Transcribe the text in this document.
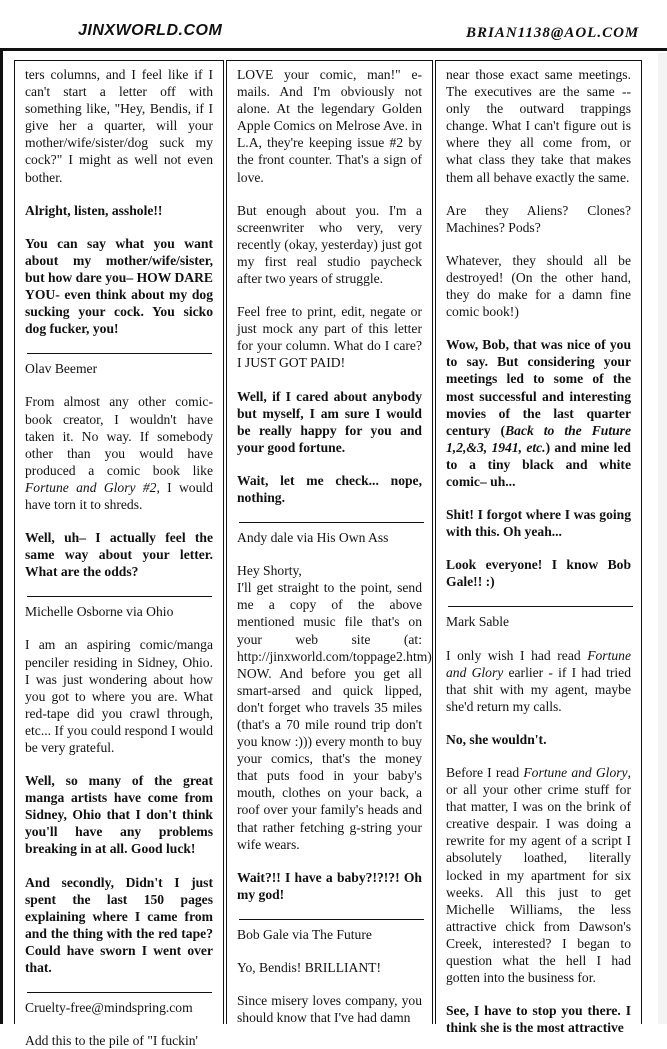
JINXWORLD.COM	BRIAN1138@AOL.COM

ters columns, and I feel like if I can't start a letter off with something like, "Hey, Bendis, if I give her a quarter, will your mother/wife/sister/dog suck my cock?" I might as well not even bother.

Alright, listen, asshole!!

You can say what you want about my mother/wife/sister, but how dare you– HOW DARE YOU- even think about my dog sucking your cock. You sicko dog fucker, you!

Olav Beemer

From almost any other comic-book creator, I wouldn't have taken it. No way. If somebody other than you would have produced a comic book like Fortune and Glory #2, I would have torn it to shreds.

Well, uh– I actually feel the same way about your letter. What are the odds?

Michelle Osborne via Ohio

I am an aspiring comic/manga penciler residing in Sidney, Ohio. I was just wondering about how you got to where you are. What red-tape did you crawl through, etc... If you could respond I would be very grateful.

Well, so many of the great manga artists have come from Sidney, Ohio that I don't think you'll have any problems breaking in at all. Good luck!

And secondly, Didn't I just spent the last 150 pages explaining where I came from and the thing with the red tape? Could have sworn I went over that.

Cruelty-free@mindspring.com

Add this to the pile of "I fuckin'

LOVE your comic, man!" e-mails. And I'm obviously not alone. At the legendary Golden Apple Comics on Melrose Ave. in L.A, they're keeping issue #2 by the front counter. That's a sign of love.

But enough about you. I'm a screenwriter who very, very recently (okay, yesterday) just got my first real studio paycheck after two years of struggle.

Feel free to print, edit, negate or just mock any part of this letter for your column. What do I care? I JUST GOT PAID!

Well, if I cared about anybody but myself, I am sure I would be really happy for you and your good fortune.

Wait, let me check... nope, nothing.

Andy dale via His Own Ass

Hey Shorty,

I'll get straight to the point, send me a copy of the above mentioned music file that's on your web site (at: http://jinxworld.com/toppage2.htm) NOW. And before you get all smart-arsed and quick lipped, don't forget who travels 35 miles (that's a 70 mile round trip don't you know :))) every month to buy your comics, that's the money that puts food in your baby's mouth, clothes on your back, a roof over your family's heads and that rather fetching g-string your wife wears.

Wait?!! I have a baby?!?!?! Oh my god!

Bob Gale via The Future

Yo, Bendis! BRILLIANT!

Since misery loves company, you should know that I've had damn

near those exact same meetings. The executives are the same -- only the outward trappings change. What I can't figure out is where they all come from, or what class they take that makes them all behave exactly the same.

Are they Aliens? Clones? Machines? Pods?

Whatever, they should all be destroyed! (On the other hand, they do make for a damn fine comic book!)

Wow, Bob, that was nice of you to say. But considering your meetings led to some of the most successful and interesting movies of the last quarter century (Back to the Future 1,2,&3, 1941, etc.) and mine led to a tiny black and white comic– uh...

Shit! I forgot where I was going with this. Oh yeah...

Look everyone! I know Bob Gale!! :)

Mark Sable

I only wish I had read Fortune and Glory earlier - if I had tried that shit with my agent, maybe she'd return my calls.

No, she wouldn't.

Before I read Fortune and Glory, or all your other crime stuff for that matter, I was on the brink of creative despair. I was doing a rewrite for my agent of a script I absolutely loathed, literally locked in my apartment for six weeks. All this just to get Michelle Williams, the less attractive chick from Dawson's Creek, interested? I began to question what the hell I had gotten into the business for.

See, I have to stop you there. I think she is the most attractive
